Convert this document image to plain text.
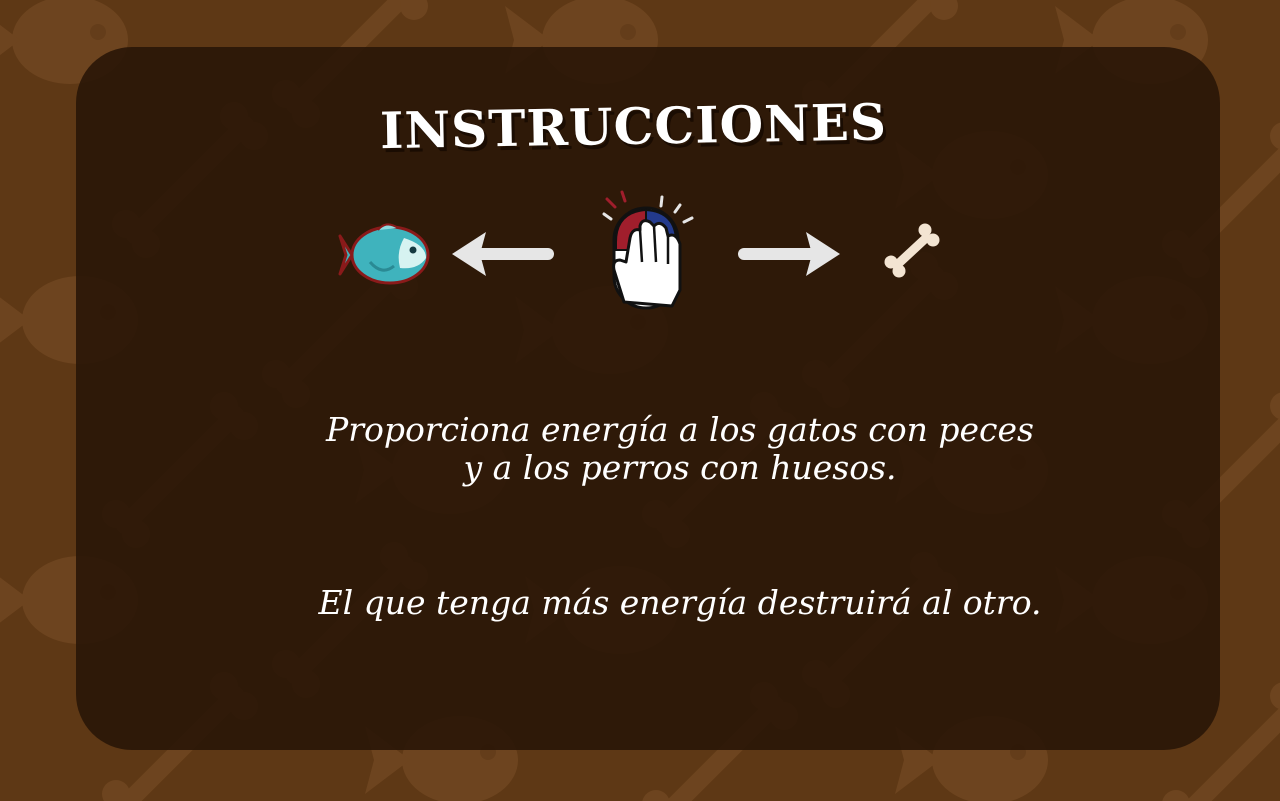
INSTRUCCIONES

Proporciona energía a los gatos con peces
y a los perros con huesos.

El que tenga más energía destruirá al otro.
